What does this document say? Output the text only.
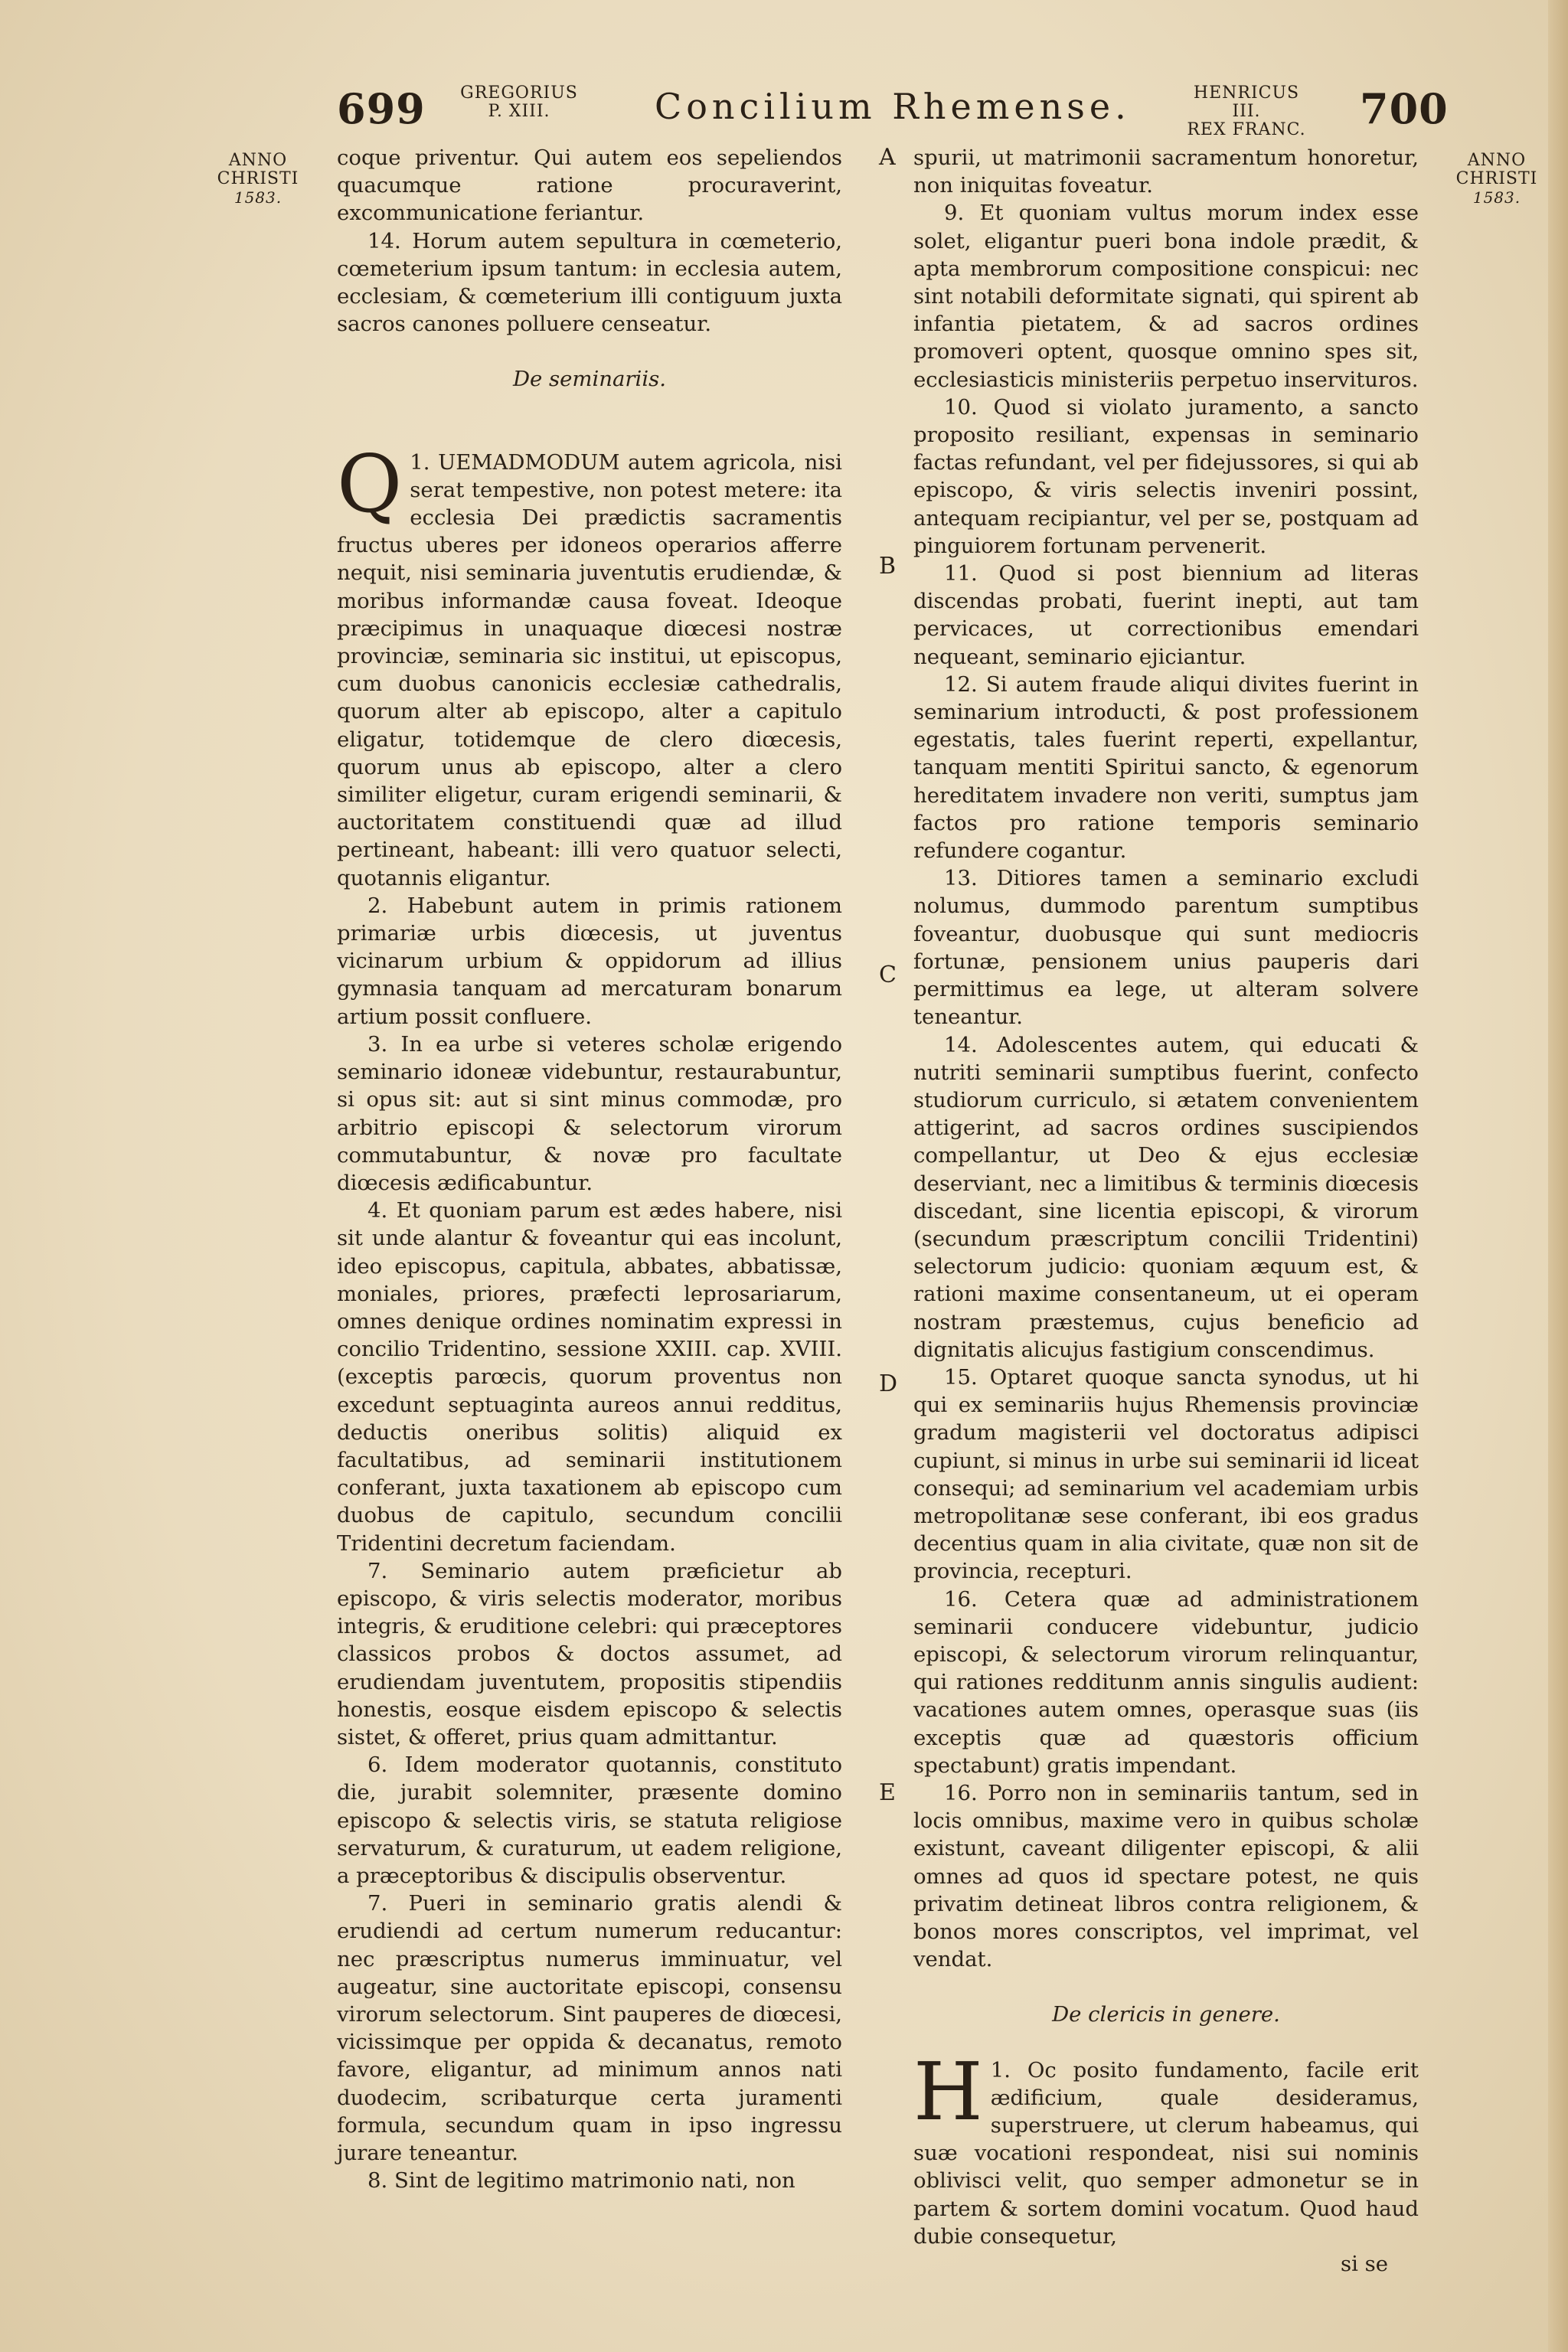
699 GREGORIUS
P. XIII.	Concilium Rhemense.	HENRICUS III.
REX FRANC. 700
ANNO
CHRISTI
1583.
ANNO
CHRISTI
1583.
A
B
C
D
E

coque priventur. Qui autem eos sepeliendos quacumque ratione procuraverint, excommunicatione feriantur.

14. Horum autem sepultura in cœmeterio, cœmeterium ipsum tantum: in ecclesia autem, ecclesiam, & cœmeterium illi contiguum juxta sacros canones polluere censeatur.

De seminariis.

1.
Q UEMADMODUM autem agricola, nisi serat tempestive, non potest metere: ita ecclesia Dei prædictis sacramentis fructus uberes per idoneos operarios afferre nequit, nisi seminaria juventutis erudiendæ, & moribus informandæ causa foveat. Ideoque præcipimus in unaquaque diœcesi nostræ provinciæ, seminaria sic institui, ut episcopus, cum duobus canonicis ecclesiæ cathedralis, quorum alter ab episcopo, alter a capitulo eligatur, totidemque de clero diœcesis, quorum unus ab episcopo, alter a clero similiter eligetur, curam erigendi seminarii, & auctoritatem constituendi quæ ad illud pertineant, habeant: illi vero quatuor selecti, quotannis eligantur.

2. Habebunt autem in primis rationem primariæ urbis diœcesis, ut juventus vicinarum urbium & oppidorum ad illius gymnasia tanquam ad mercaturam bonarum artium possit confluere.

3. In ea urbe si veteres scholæ erigendo seminario idoneæ videbuntur, restaurabuntur, si opus sit: aut si sint minus commodæ, pro arbitrio episcopi & selectorum virorum commutabuntur, & novæ pro facultate diœcesis ædificabuntur.

4. Et quoniam parum est ædes habere, nisi sit unde alantur & foveantur qui eas incolunt, ideo episcopus, capitula, abbates, abbatissæ, moniales, priores, præfecti leprosariarum, omnes denique ordines nominatim expressi in concilio Tridentino, sessione XXIII. cap. XVIII. (exceptis parœcis, quorum proventus non excedunt septuaginta aureos annui redditus, deductis oneribus solitis) aliquid ex facultatibus, ad seminarii institutionem conferant, juxta taxationem ab episcopo cum duobus de capitulo, secundum concilii Tridentini decretum faciendam.

7. Seminario autem præficietur ab episcopo, & viris selectis moderator, moribus integris, & eruditione celebri: qui præceptores classicos probos & doctos assumet, ad erudiendam juventutem, propositis stipendiis honestis, eosque eisdem episcopo & selectis sistet, & offeret, prius quam admittantur.

6. Idem moderator quotannis, constituto die, jurabit solemniter, præsente domino episcopo & selectis viris, se statuta religiose servaturum, & curaturum, ut eadem religione, a præceptoribus & discipulis observentur.

7. Pueri in seminario gratis alendi & erudiendi ad certum numerum reducantur: nec præscriptus numerus imminuatur, vel augeatur, sine auctoritate episcopi, consensu virorum selectorum. Sint pauperes de diœcesi, vicissimque per oppida & decanatus, remoto favore, eligantur, ad minimum annos nati duodecim, scribaturque certa juramenti formula, secundum quam in ipso ingressu jurare teneantur.

8. Sint de legitimo matrimonio nati, non

spurii, ut matrimonii sacramentum honoretur, non iniquitas foveatur.

9. Et quoniam vultus morum index esse solet, eligantur pueri bona indole prædit, & apta membrorum compositione conspicui: nec sint notabili deformitate signati, qui spirent ab infantia pietatem, & ad sacros ordines promoveri optent, quosque omnino spes sit, ecclesiasticis ministeriis perpetuo inservituros.

10. Quod si violato juramento, a sancto proposito resiliant, expensas in seminario factas refundant, vel per fidejussores, si qui ab episcopo, & viris selectis inveniri possint, antequam recipiantur, vel per se, postquam ad pinguiorem fortunam pervenerit.

11. Quod si post biennium ad literas discendas probati, fuerint inepti, aut tam pervicaces, ut correctionibus emendari nequeant, seminario ejiciantur.

12. Si autem fraude aliqui divites fuerint in seminarium introducti, & post professionem egestatis, tales fuerint reperti, expellantur, tanquam mentiti Spiritui sancto, & egenorum hereditatem invadere non veriti, sumptus jam factos pro ratione temporis seminario refundere cogantur.

13. Ditiores tamen a seminario excludi nolumus, dummodo parentum sumptibus foveantur, duobusque qui sunt mediocris fortunæ, pensionem unius pauperis dari permittimus ea lege, ut alteram solvere teneantur.

14. Adolescentes autem, qui educati & nutriti seminarii sumptibus fuerint, confecto studiorum curriculo, si ætatem convenientem attigerint, ad sacros ordines suscipiendos compellantur, ut Deo & ejus ecclesiæ deserviant, nec a limitibus & terminis diœcesis discedant, sine licentia episcopi, & virorum (secundum præscriptum concilii Tridentini) selectorum judicio: quoniam æquum est, & rationi maxime consentaneum, ut ei operam nostram præstemus, cujus beneficio ad dignitatis alicujus fastigium conscendimus.

15. Optaret quoque sancta synodus, ut hi qui ex seminariis hujus Rhemensis provinciæ gradum magisterii vel doctoratus adipisci cupiunt, si minus in urbe sui seminarii id liceat consequi; ad seminarium vel academiam urbis metropolitanæ sese conferant, ibi eos gradus decentius quam in alia civitate, quæ non sit de provincia, recepturi.

16. Cetera quæ ad administrationem seminarii conducere videbuntur, judicio episcopi, & selectorum virorum relinquantur, qui rationes redditunm annis singulis audient: vacationes autem omnes, operasque suas (iis exceptis quæ ad quæstoris officium spectabunt) gratis impendant.

16. Porro non in seminariis tantum, sed in locis omnibus, maxime vero in quibus scholæ existunt, caveant diligenter episcopi, & alii omnes ad quos id spectare potest, ne quis privatim detineat libros contra religionem, & bonos mores conscriptos, vel imprimat, vel vendat.

De clericis in genere.

1.
H Oc posito fundamento, facile erit ædificium, quale desideramus, superstruere, ut clerum habeamus, qui suæ vocationi respondeat, nisi sui nominis oblivisci velit, quo semper admonetur se in partem & sortem domini vocatum. Quod haud dubie consequetur,

si se
